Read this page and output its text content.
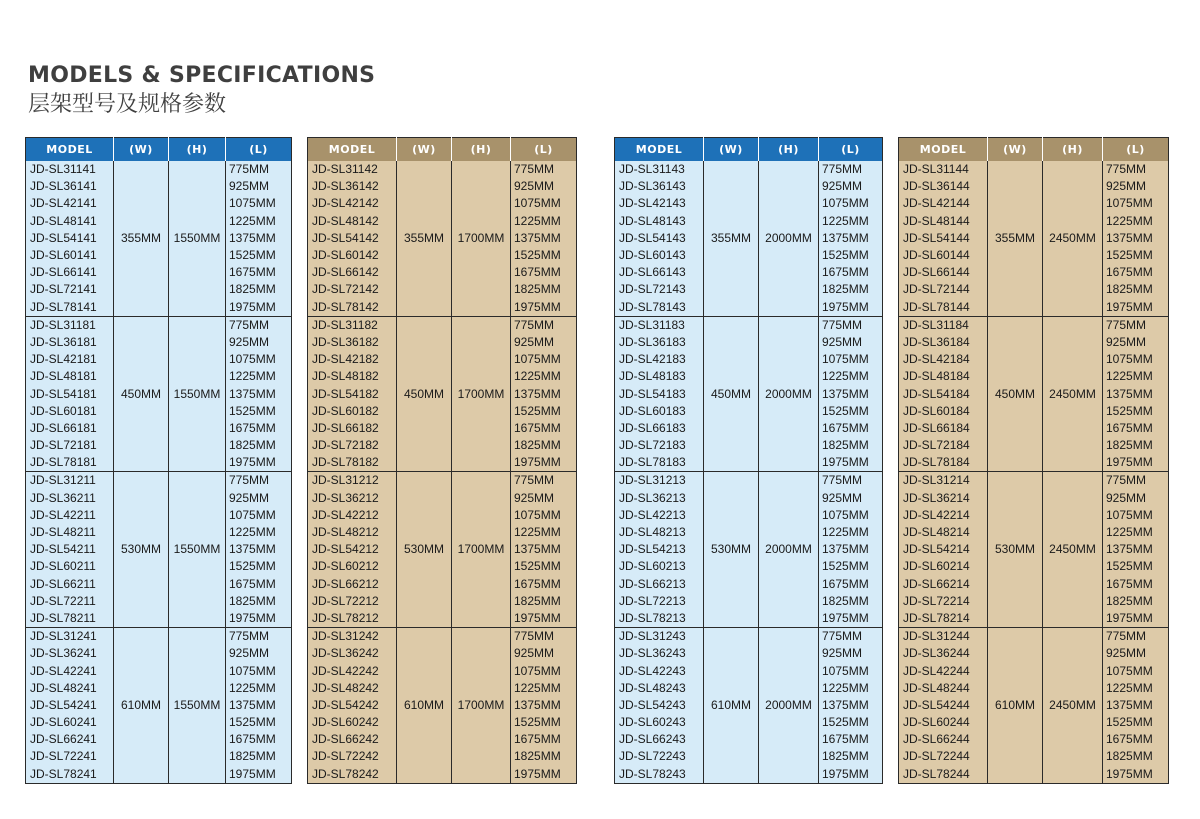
MODELS & SPECIFICATIONS
层架型号及规格参数
MODEL	(W)	(H)	(L)
JD-SL31141	355MM	1550MM	775MM
JD-SL36141			925MM
JD-SL42141			1075MM
JD-SL48141			1225MM
JD-SL54141			1375MM
JD-SL60141			1525MM
JD-SL66141			1675MM
JD-SL72141			1825MM
JD-SL78141			1975MM
JD-SL31181	450MM	1550MM	775MM
JD-SL36181			925MM
JD-SL42181			1075MM
JD-SL48181			1225MM
JD-SL54181			1375MM
JD-SL60181			1525MM
JD-SL66181			1675MM
JD-SL72181			1825MM
JD-SL78181			1975MM
JD-SL31211	530MM	1550MM	775MM
JD-SL36211			925MM
JD-SL42211			1075MM
JD-SL48211			1225MM
JD-SL54211			1375MM
JD-SL60211			1525MM
JD-SL66211			1675MM
JD-SL72211			1825MM
JD-SL78211			1975MM
JD-SL31241	610MM	1550MM	775MM
JD-SL36241			925MM
JD-SL42241			1075MM
JD-SL48241			1225MM
JD-SL54241			1375MM
JD-SL60241			1525MM
JD-SL66241			1675MM
JD-SL72241			1825MM
JD-SL78241			1975MM
MODEL	(W)	(H)	(L)
JD-SL31142	355MM	1700MM	775MM
JD-SL36142			925MM
JD-SL42142			1075MM
JD-SL48142			1225MM
JD-SL54142			1375MM
JD-SL60142			1525MM
JD-SL66142			1675MM
JD-SL72142			1825MM
JD-SL78142			1975MM
JD-SL31182	450MM	1700MM	775MM
JD-SL36182			925MM
JD-SL42182			1075MM
JD-SL48182			1225MM
JD-SL54182			1375MM
JD-SL60182			1525MM
JD-SL66182			1675MM
JD-SL72182			1825MM
JD-SL78182			1975MM
JD-SL31212	530MM	1700MM	775MM
JD-SL36212			925MM
JD-SL42212			1075MM
JD-SL48212			1225MM
JD-SL54212			1375MM
JD-SL60212			1525MM
JD-SL66212			1675MM
JD-SL72212			1825MM
JD-SL78212			1975MM
JD-SL31242	610MM	1700MM	775MM
JD-SL36242			925MM
JD-SL42242			1075MM
JD-SL48242			1225MM
JD-SL54242			1375MM
JD-SL60242			1525MM
JD-SL66242			1675MM
JD-SL72242			1825MM
JD-SL78242			1975MM
MODEL	(W)	(H)	(L)
JD-SL31143	355MM	2000MM	775MM
JD-SL36143			925MM
JD-SL42143			1075MM
JD-SL48143			1225MM
JD-SL54143			1375MM
JD-SL60143			1525MM
JD-SL66143			1675MM
JD-SL72143			1825MM
JD-SL78143			1975MM
JD-SL31183	450MM	2000MM	775MM
JD-SL36183			925MM
JD-SL42183			1075MM
JD-SL48183			1225MM
JD-SL54183			1375MM
JD-SL60183			1525MM
JD-SL66183			1675MM
JD-SL72183			1825MM
JD-SL78183			1975MM
JD-SL31213	530MM	2000MM	775MM
JD-SL36213			925MM
JD-SL42213			1075MM
JD-SL48213			1225MM
JD-SL54213			1375MM
JD-SL60213			1525MM
JD-SL66213			1675MM
JD-SL72213			1825MM
JD-SL78213			1975MM
JD-SL31243	610MM	2000MM	775MM
JD-SL36243			925MM
JD-SL42243			1075MM
JD-SL48243			1225MM
JD-SL54243			1375MM
JD-SL60243			1525MM
JD-SL66243			1675MM
JD-SL72243			1825MM
JD-SL78243			1975MM
MODEL	(W)	(H)	(L)
JD-SL31144	355MM	2450MM	775MM
JD-SL36144			925MM
JD-SL42144			1075MM
JD-SL48144			1225MM
JD-SL54144			1375MM
JD-SL60144			1525MM
JD-SL66144			1675MM
JD-SL72144			1825MM
JD-SL78144			1975MM
JD-SL31184	450MM	2450MM	775MM
JD-SL36184			925MM
JD-SL42184			1075MM
JD-SL48184			1225MM
JD-SL54184			1375MM
JD-SL60184			1525MM
JD-SL66184			1675MM
JD-SL72184			1825MM
JD-SL78184			1975MM
JD-SL31214	530MM	2450MM	775MM
JD-SL36214			925MM
JD-SL42214			1075MM
JD-SL48214			1225MM
JD-SL54214			1375MM
JD-SL60214			1525MM
JD-SL66214			1675MM
JD-SL72214			1825MM
JD-SL78214			1975MM
JD-SL31244	610MM	2450MM	775MM
JD-SL36244			925MM
JD-SL42244			1075MM
JD-SL48244			1225MM
JD-SL54244			1375MM
JD-SL60244			1525MM
JD-SL66244			1675MM
JD-SL72244			1825MM
JD-SL78244			1975MM
